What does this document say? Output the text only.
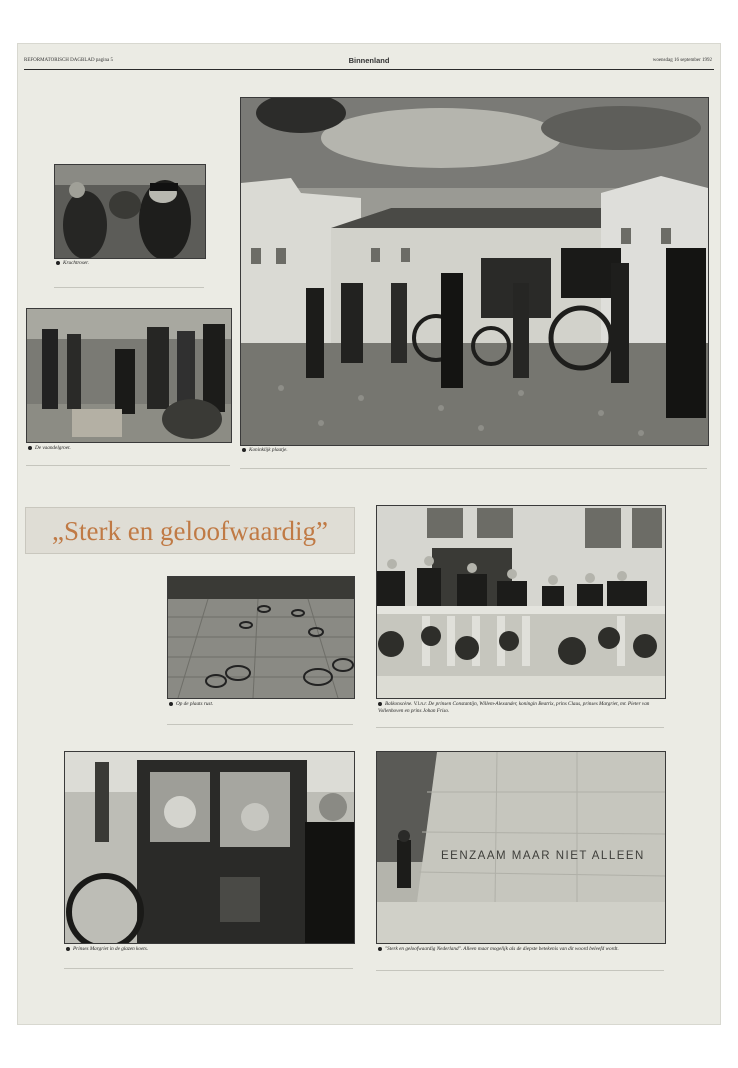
REFORMATORISCH DAGBLAD pagina 5	Binnenland	woensdag 16 september 1992
Kruchtroser.
De vaandelgroet.	Koninklijk plaatje.
„Sterk en geloofwaardig”
Op de plaats rust.	Balkonscène. V.l.n.r. De prinsen Constantijn, Willem-Alexander, koningin Beatrix, prins Claus, prinses Margriet, mr. Pieter van Vollenhoven en prins Johan Friso.
Prinses Margriet in de glazen koets.
EENZAAM MAAR NIET ALLEEN
"Sterk en geloofwaardig Nederland". Alleen maar mogelijk als de diepste betekenis van dit woord beleefd wordt.
